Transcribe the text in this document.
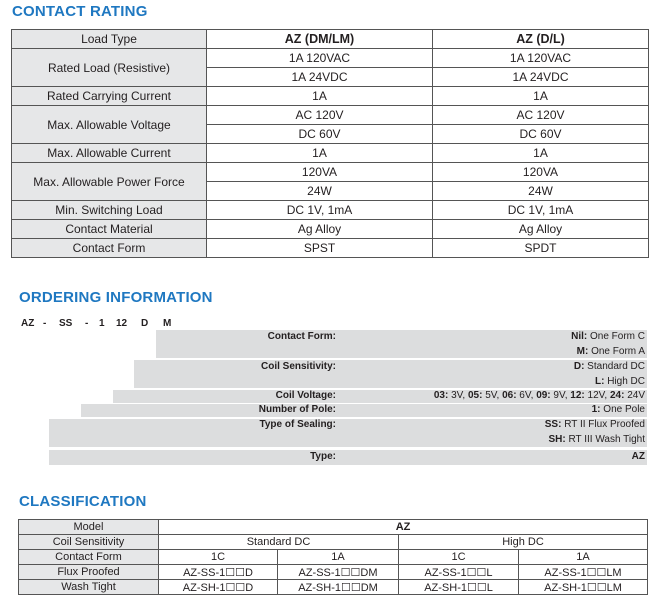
CONTACT RATING
Load Type	AZ (DM/LM)	AZ (D/L)
Rated Load (Resistive)	1A 120VAC	1A 120VAC
	1A 24VDC	1A 24VDC
Rated Carrying Current	1A	1A
Max. Allowable Voltage	AC 120V	AC 120V
	DC 60V	DC 60V
Max. Allowable Current	1A	1A
Max. Allowable Power Force	120VA	120VA
	24W	24W
Min. Switching Load	DC 1V, 1mA	DC 1V, 1mA
Contact Material	Ag Alloy	Ag Alloy
Contact Form	SPST	SPDT
ORDERING INFORMATION
AZ - SS - 1 12 D M
Contact Form:	Nil: One Form C
M: One Form A
Coil Sensitivity:	D: Standard DC
L: High DC
Coil Voltage:	03: 3V, 05: 5V, 06: 6V, 09: 9V, 12: 12V, 24: 24V
Number of Pole:	1: One Pole
Type of Sealing:	SS: RT II Flux Proofed
SH: RT III Wash Tight
Type:	AZ
CLASSIFICATION
Model	AZ			
Coil Sensitivity	Standard DC		High DC	
Contact Form	1C	1A	1C	1A
Flux Proofed	AZ-SS-1☐☐D	AZ-SS-1☐☐DM	AZ-SS-1☐☐L	AZ-SS-1☐☐LM
Wash Tight	AZ-SH-1☐☐D	AZ-SH-1☐☐DM	AZ-SH-1☐☐L	AZ-SH-1☐☐LM
